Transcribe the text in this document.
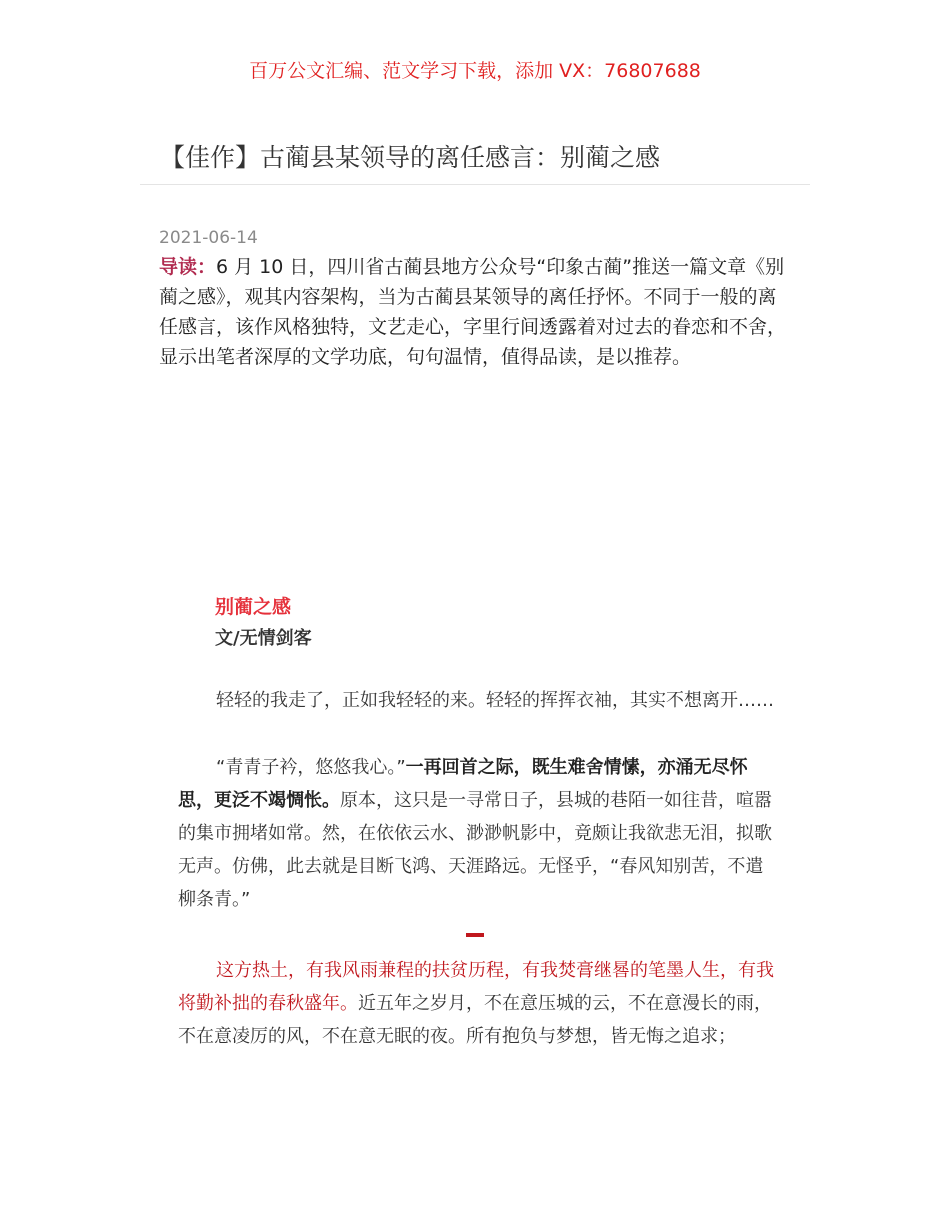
百万公文汇编、范文学习下载，添加 VX：76807688
【佳作】古蔺县某领导的离任感言：别蔺之感
2021-06-14
导读：6 月 10 日，四川省古蔺县地方公众号“印象古蔺”推送一篇文章《别蔺之感》，观其内容架构，当为古蔺县某领导的离任抒怀。不同于一般的离任感言，该作风格独特，文艺走心，字里行间透露着对过去的眷恋和不舍，显示出笔者深厚的文学功底，句句温情，值得品读，是以推荐。
别蔺之感
文/无情剑客
轻轻的我走了，正如我轻轻的来。轻轻的挥挥衣袖，其实不想离开……
“青青子衿，悠悠我心。”一再回首之际，既生难舍情愫，亦涌无尽怀思，更泛不竭惆怅。原本，这只是一寻常日子，县城的巷陌一如往昔，喧嚣的集市拥堵如常。然，在依依云水、渺渺帆影中，竟颇让我欲悲无泪，拟歌无声。仿佛，此去就是目断飞鸿、天涯路远。无怪乎，“春风知别苦，不遣柳条青。”
这方热土，有我风雨兼程的扶贫历程，有我焚膏继晷的笔墨人生，有我将勤补拙的春秋盛年。近五年之岁月，不在意压城的云，不在意漫长的雨，不在意凌厉的风，不在意无眠的夜。所有抱负与梦想，皆无悔之追求；
